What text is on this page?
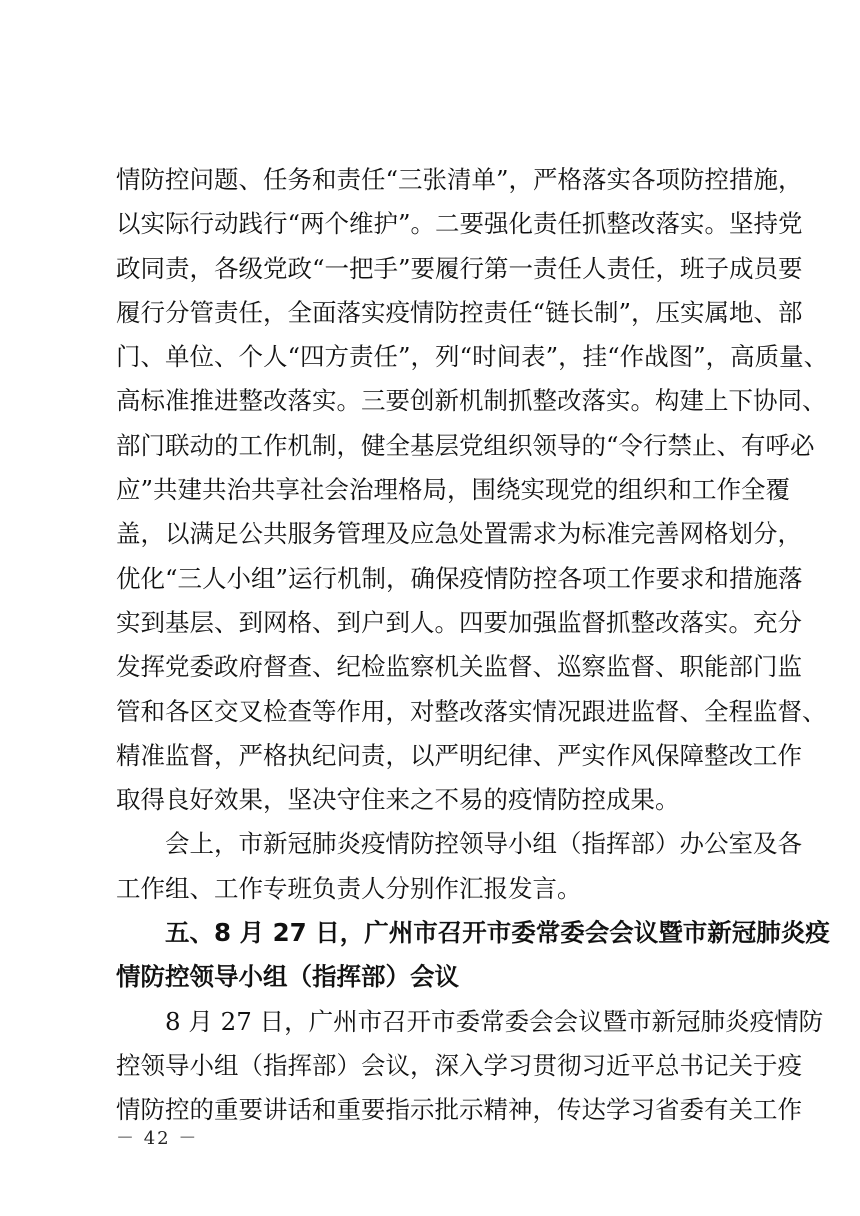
情防控问题、任务和责任“三张清单”，严格落实各项防控措施，
以实际行动践行“两个维护”。二要强化责任抓整改落实。坚持党
政同责，各级党政“一把手”要履行第一责任人责任，班子成员要
履行分管责任，全面落实疫情防控责任“链长制”，压实属地、部
门、单位、个人“四方责任”，列“时间表”，挂“作战图”，高质量、
高标准推进整改落实。三要创新机制抓整改落实。构建上下协同、
部门联动的工作机制，健全基层党组织领导的“令行禁止、有呼必
应”共建共治共享社会治理格局，围绕实现党的组织和工作全覆
盖，以满足公共服务管理及应急处置需求为标准完善网格划分，
优化“三人小组”运行机制，确保疫情防控各项工作要求和措施落
实到基层、到网格、到户到人。四要加强监督抓整改落实。充分
发挥党委政府督查、纪检监察机关监督、巡察监督、职能部门监
管和各区交叉检查等作用，对整改落实情况跟进监督、全程监督、
精准监督，严格执纪问责，以严明纪律、严实作风保障整改工作
取得良好效果，坚决守住来之不易的疫情防控成果。
会上，市新冠肺炎疫情防控领导小组（指挥部）办公室及各
工作组、工作专班负责人分别作汇报发言。
五、8 月 27 日，广州市召开市委常委会会议暨市新冠肺炎疫
情防控领导小组（指挥部）会议
8 月 27 日，广州市召开市委常委会会议暨市新冠肺炎疫情防
控领导小组（指挥部）会议，深入学习贯彻习近平总书记关于疫
情防控的重要讲话和重要指示批示精神，传达学习省委有关工作
－ 42 －
